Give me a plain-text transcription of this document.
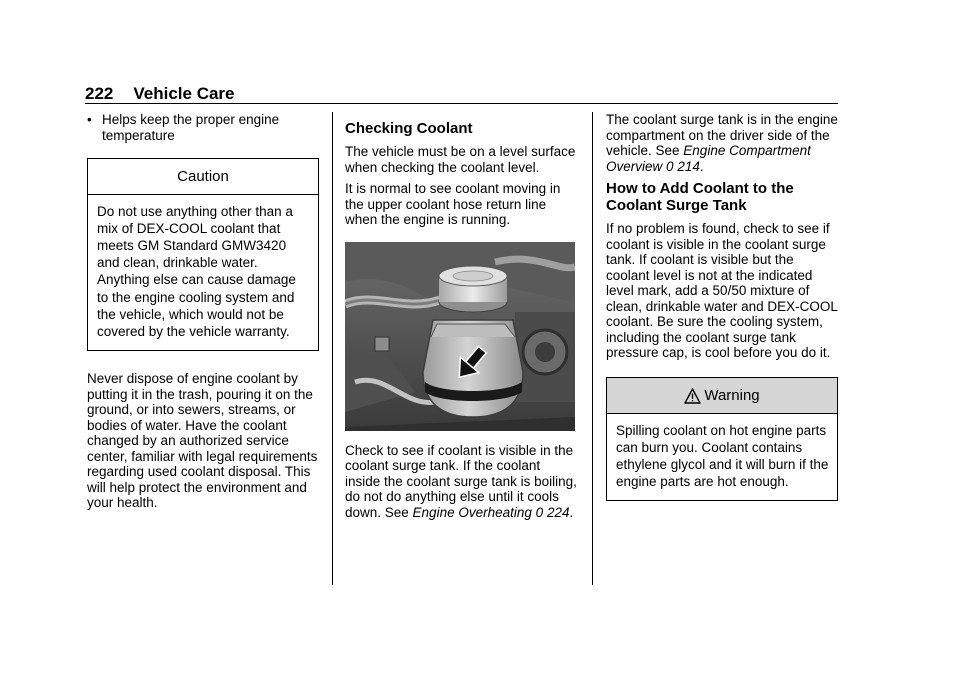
222 Vehicle Care
• Helps keep the proper engine temperature
Caution
Do not use anything other than a mix of DEX-COOL coolant that meets GM Standard GMW3420 and clean, drinkable water. Anything else can cause damage to the engine cooling system and the vehicle, which would not be covered by the vehicle warranty.

Never dispose of engine coolant by putting it in the trash, pouring it on the ground, or into sewers, streams, or bodies of water. Have the coolant changed by an authorized service center, familiar with legal requirements regarding used coolant disposal. This will help protect the environment and your health.

Checking Coolant

The vehicle must be on a level surface when checking the coolant level.

It is normal to see coolant moving in the upper coolant hose return line when the engine is running.

Check to see if coolant is visible in the coolant surge tank. If the coolant inside the coolant surge tank is boiling, do not do anything else until it cools down. See Engine Overheating 0 224.

The coolant surge tank is in the engine compartment on the driver side of the vehicle. See Engine Compartment Overview 0 214.

How to Add Coolant to the Coolant Surge Tank

If no problem is found, check to see if coolant is visible in the coolant surge tank. If coolant is visible but the coolant level is not at the indicated level mark, add a 50/50 mixture of clean, drinkable water and DEX-COOL coolant. Be sure the cooling system, including the coolant surge tank pressure cap, is cool before you do it.

Warning
Spilling coolant on hot engine parts can burn you. Coolant contains ethylene glycol and it will burn if the engine parts are hot enough.
